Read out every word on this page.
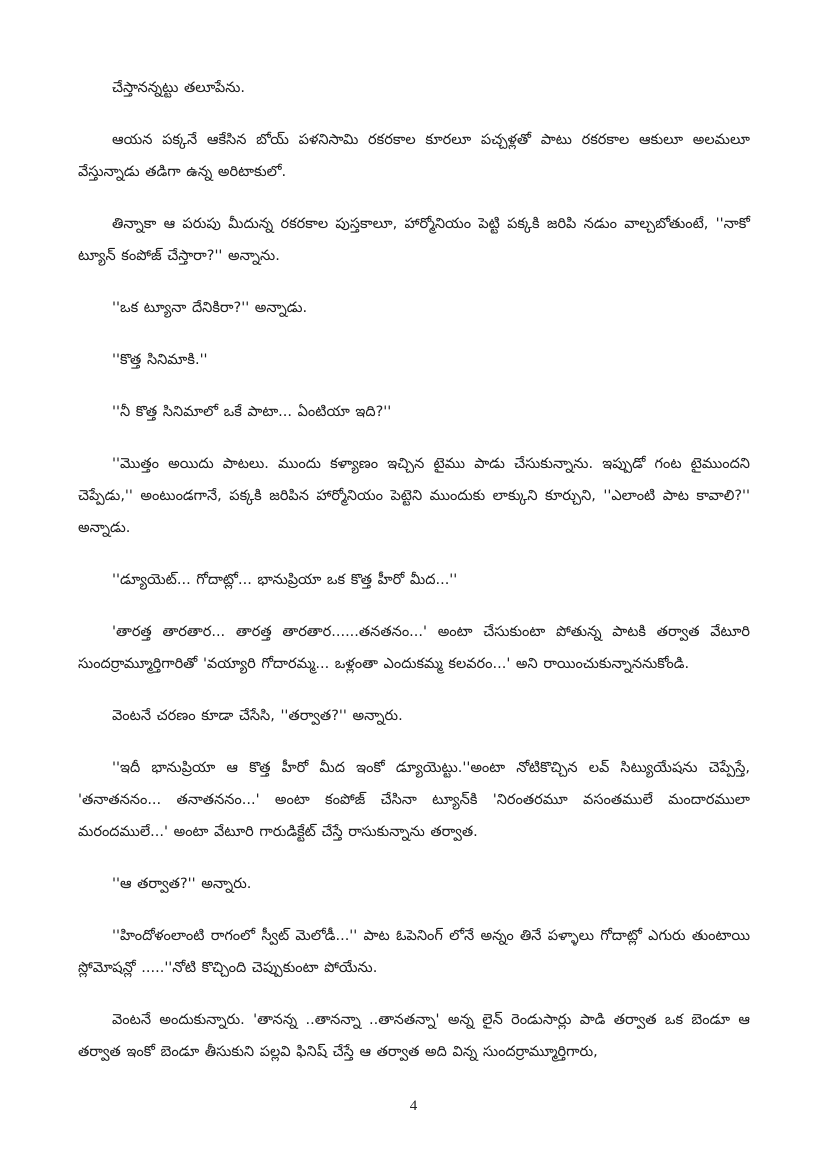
చేస్తానన్నట్టు తలూపేను.

ఆయన పక్కనే ఆకేసిన బోయ్ పళనిసామి రకరకాల కూరలూ పచ్చళ్లతో పాటు రకరకాల ఆకులూ అలమలూ వేస్తున్నాడు తడిగా ఉన్న అరిటాకులో.

తిన్నాకా ఆ పరుపు మీదున్న రకరకాల పుస్తకాలూ, హార్మోనియం పెట్టి పక్కకి జరిపి నడుం వాల్చబోతుంటే, ''నాకో ట్యూన్ కంపోజ్ చేస్తారా?'' అన్నాను.

''ఒక ట్యూనా దేనికిరా?'' అన్నాడు.

''కొత్త సినిమాకి.''

''నీ కొత్త సినిమాలో ఒకే పాటా... ఏంటియా ఇది?''

''మొత్తం అయిదు పాటలు. ముందు కళ్యాణం ఇచ్చిన టైము పాడు చేసుకున్నాను. ఇప్పుడో గంట టైముందని చెప్పేడు,'' అంటుండగానే, పక్కకి జరిపిన హార్మోనియం పెట్టెని ముందుకు లాక్కుని కూర్చుని, ''ఎలాంటి పాట కావాలి?'' అన్నాడు.

''డ్యూయెట్... గోదాట్లో... భానుప్రియా ఒక కొత్త హీరో మీద...''

'తారత్త తారతార... తారత్త తారతార......తనతనం...' అంటా చేసుకుంటా పోతున్న పాటకి తర్వాత వేటూరి సుందర్రామ్మూర్తిగారితో 'వయ్యారి గోదారమ్మ... ఒళ్లంతా ఎందుకమ్మ కలవరం...' అని రాయించుకున్నాననుకోండి.

వెంటనే చరణం కూడా చేసేసి, ''తర్వాత?'' అన్నారు.

''ఇదీ భానుప్రియా ఆ కొత్త హీరో మీద ఇంకో డ్యూయెట్టు.''అంటా నోటికొచ్చిన లవ్ సిట్యుయేషను చెప్పేస్తే, 'తనాతననం... తనాతననం...' అంటా కంపోజ్ చేసినా ట్యూన్‌కి 'నిరంతరమూ వసంతములే మందారములా మరందములే...' అంటా వేటూరి గారుడిక్టేట్ చేస్తే రాసుకున్నాను తర్వాత.

''ఆ తర్వాత?'' అన్నారు.

''హిందోళంలాంటి రాగంలో స్వీట్ మెలోడీ...'' పాట ఓపెనింగ్ లోనే అన్నం తినే పళ్ళాలు గోదాట్లో ఎగురు తుంటాయి స్లోమోషన్లో .....''నోటి కొచ్చింది చెప్పుకుంటా పోయేను.

వెంటనే అందుకున్నారు. 'తానన్న ..తానన్నా ..తానతన్నా' అన్న లైన్ రెండుసార్లు పాడి తర్వాత ఒక బెండూ ఆ తర్వాత ఇంకో బెండూ తీసుకుని పల్లవి ఫినిష్ చేస్తే ఆ తర్వాత అది విన్న సుందర్రామ్మూర్తిగారు,

4
